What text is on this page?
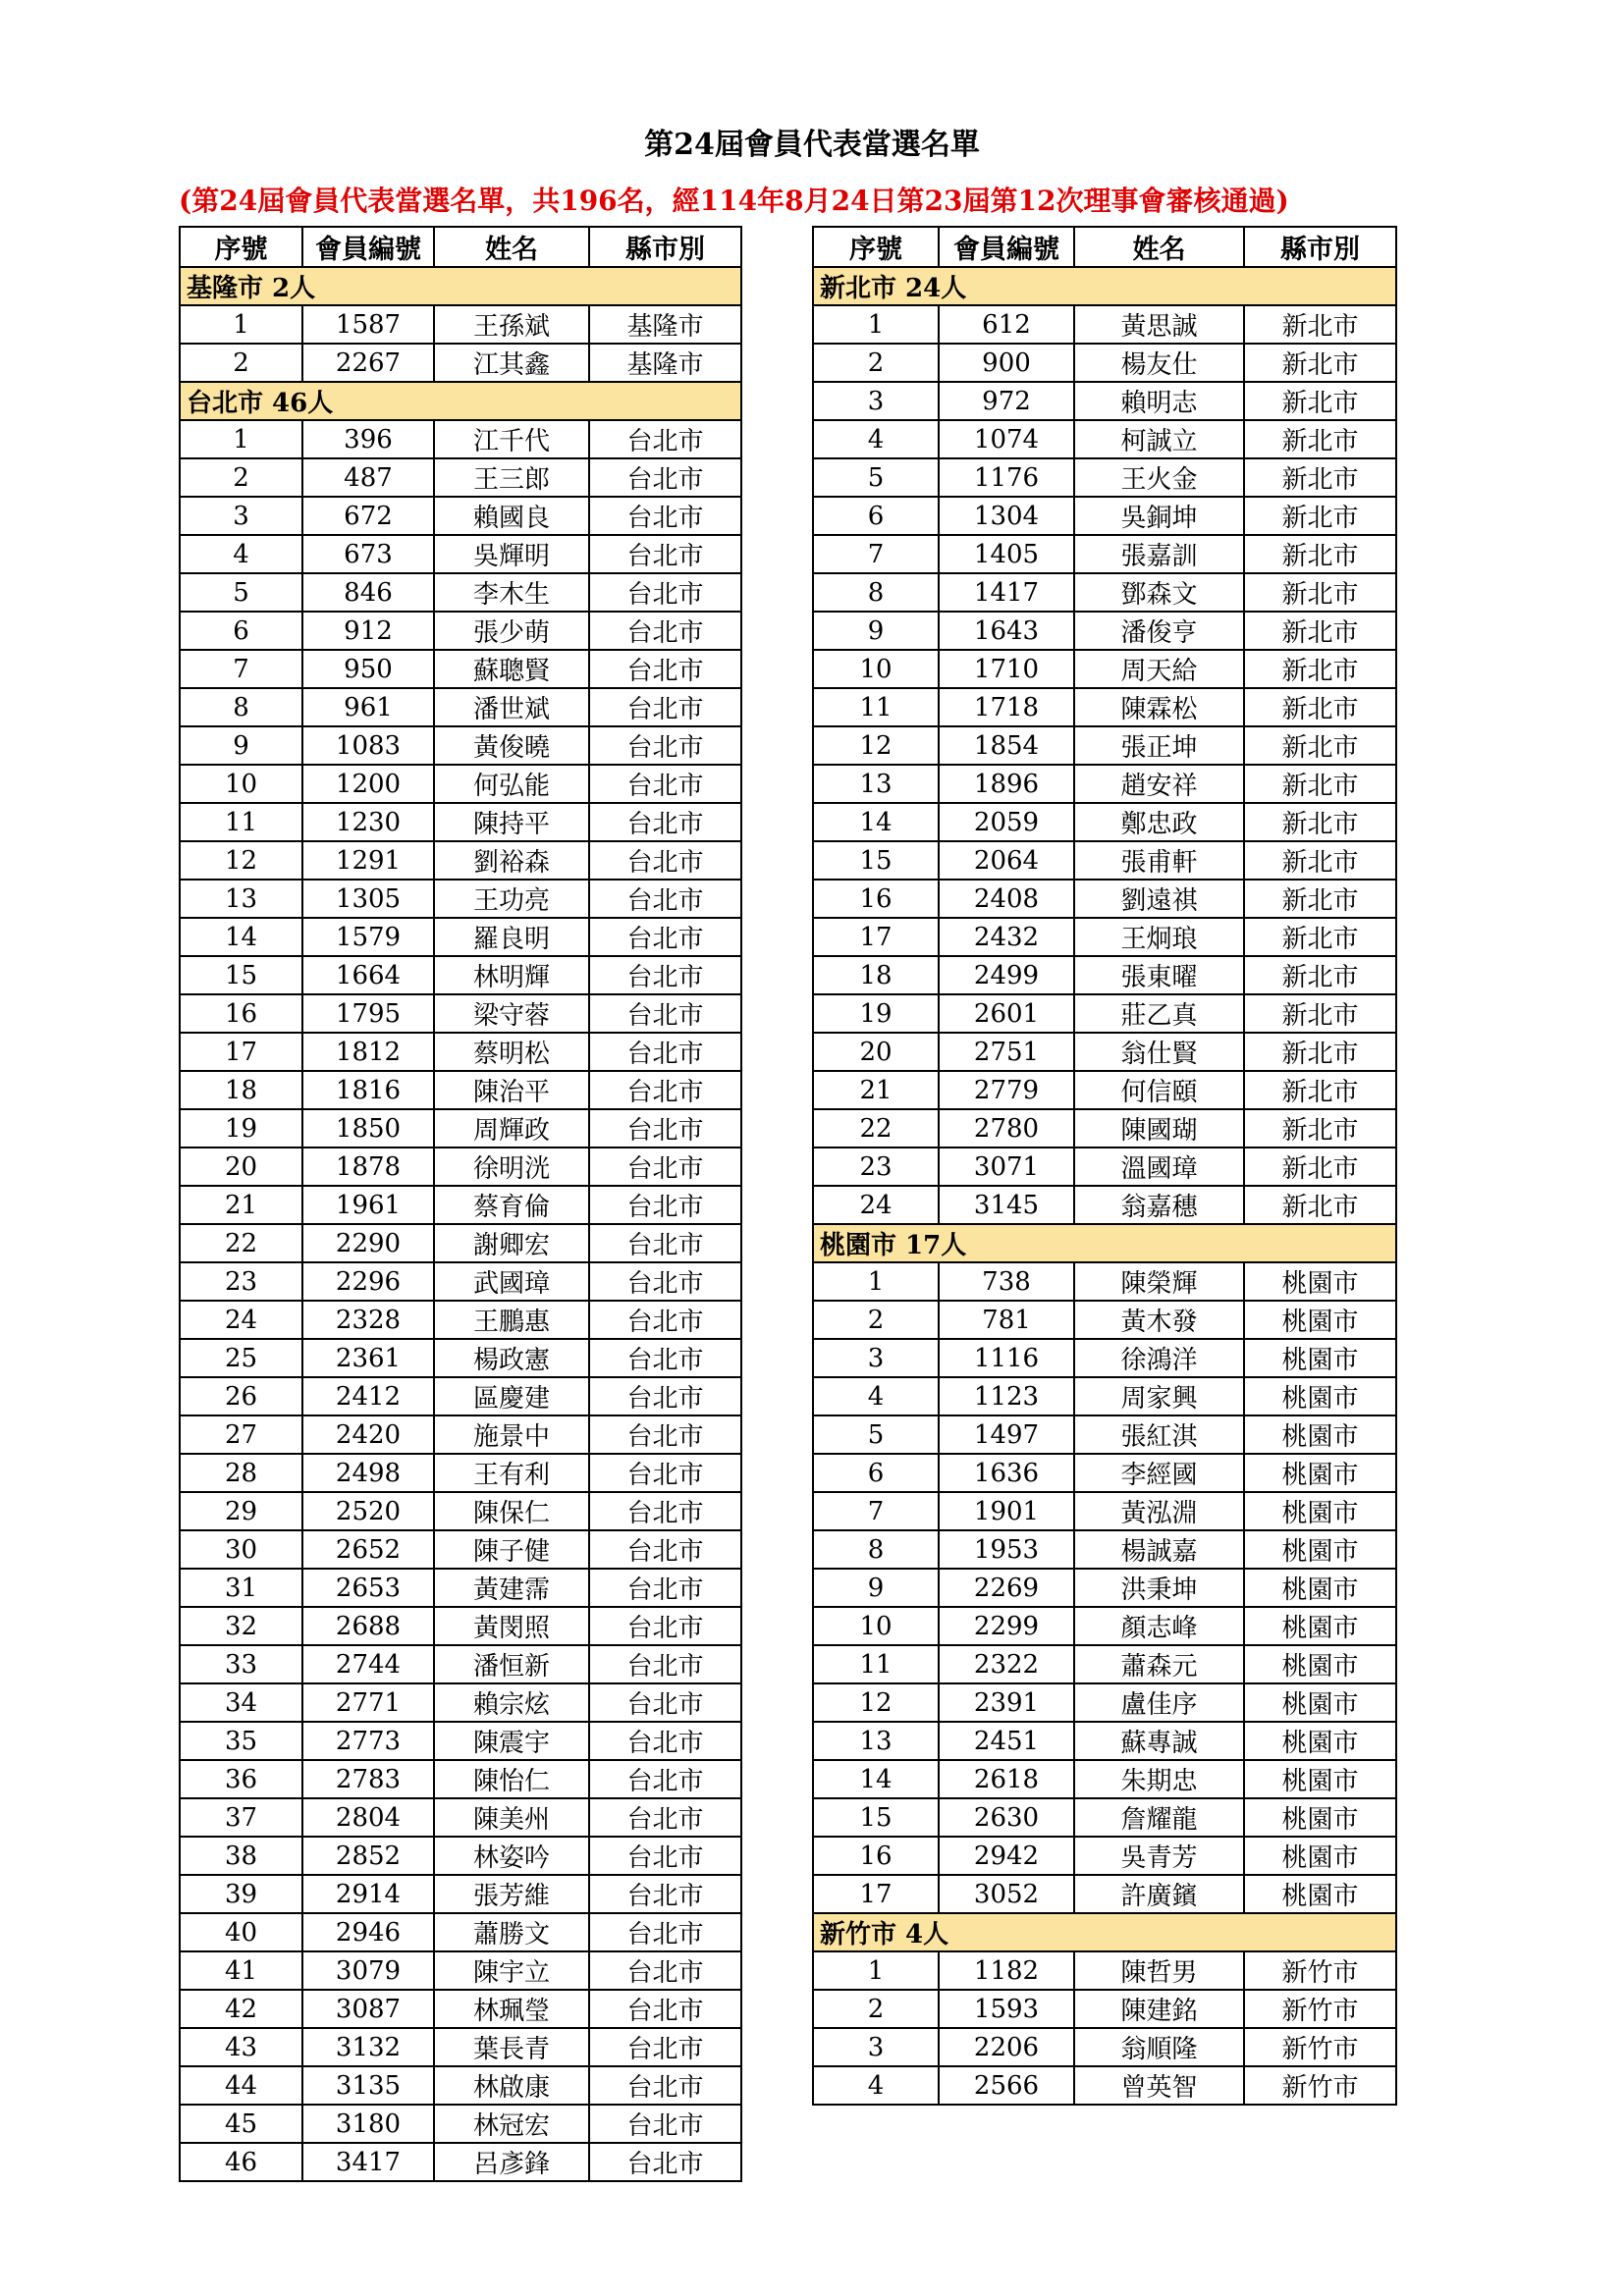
第24屆會員代表當選名單
(第24屆會員代表當選名單，共196名，經114年8月24日第23屆第12次理事會審核通過)
序號	會員編號	姓名	縣市別
基隆市 2人			
1	1587	王孫斌	基隆市
2	2267	江其鑫	基隆市
台北市 46人			
1	396	江千代	台北市
2	487	王三郎	台北市
3	672	賴國良	台北市
4	673	吳輝明	台北市
5	846	李木生	台北市
6	912	張少萌	台北市
7	950	蘇聰賢	台北市
8	961	潘世斌	台北市
9	1083	黃俊曉	台北市
10	1200	何弘能	台北市
11	1230	陳持平	台北市
12	1291	劉裕森	台北市
13	1305	王功亮	台北市
14	1579	羅良明	台北市
15	1664	林明輝	台北市
16	1795	梁守蓉	台北市
17	1812	蔡明松	台北市
18	1816	陳治平	台北市
19	1850	周輝政	台北市
20	1878	徐明洸	台北市
21	1961	蔡育倫	台北市
22	2290	謝卿宏	台北市
23	2296	武國璋	台北市
24	2328	王鵬惠	台北市
25	2361	楊政憲	台北市
26	2412	區慶建	台北市
27	2420	施景中	台北市
28	2498	王有利	台北市
29	2520	陳保仁	台北市
30	2652	陳子健	台北市
31	2653	黃建霈	台北市
32	2688	黃閔照	台北市
33	2744	潘恒新	台北市
34	2771	賴宗炫	台北市
35	2773	陳震宇	台北市
36	2783	陳怡仁	台北市
37	2804	陳美州	台北市
38	2852	林姿吟	台北市
39	2914	張芳維	台北市
40	2946	蕭勝文	台北市
41	3079	陳宇立	台北市
42	3087	林珮瑩	台北市
43	3132	葉長青	台北市
44	3135	林啟康	台北市
45	3180	林冠宏	台北市
46	3417	呂彥鋒	台北市
序號	會員編號	姓名	縣市別
新北市 24人			
1	612	黃思誠	新北市
2	900	楊友仕	新北市
3	972	賴明志	新北市
4	1074	柯誠立	新北市
5	1176	王火金	新北市
6	1304	吳銅坤	新北市
7	1405	張嘉訓	新北市
8	1417	鄧森文	新北市
9	1643	潘俊亨	新北市
10	1710	周天給	新北市
11	1718	陳霖松	新北市
12	1854	張正坤	新北市
13	1896	趙安祥	新北市
14	2059	鄭忠政	新北市
15	2064	張甫軒	新北市
16	2408	劉遠祺	新北市
17	2432	王炯琅	新北市
18	2499	張東曜	新北市
19	2601	莊乙真	新北市
20	2751	翁仕賢	新北市
21	2779	何信頤	新北市
22	2780	陳國瑚	新北市
23	3071	溫國璋	新北市
24	3145	翁嘉穗	新北市
桃園市 17人			
1	738	陳榮輝	桃園市
2	781	黃木發	桃園市
3	1116	徐鴻洋	桃園市
4	1123	周家興	桃園市
5	1497	張紅淇	桃園市
6	1636	李經國	桃園市
7	1901	黃泓淵	桃園市
8	1953	楊誠嘉	桃園市
9	2269	洪秉坤	桃園市
10	2299	顏志峰	桃園市
11	2322	蕭森元	桃園市
12	2391	盧佳序	桃園市
13	2451	蘇專誠	桃園市
14	2618	朱期忠	桃園市
15	2630	詹耀龍	桃園市
16	2942	吳青芳	桃園市
17	3052	許廣鑌	桃園市
新竹市 4人			
1	1182	陳哲男	新竹市
2	1593	陳建銘	新竹市
3	2206	翁順隆	新竹市
4	2566	曾英智	新竹市
